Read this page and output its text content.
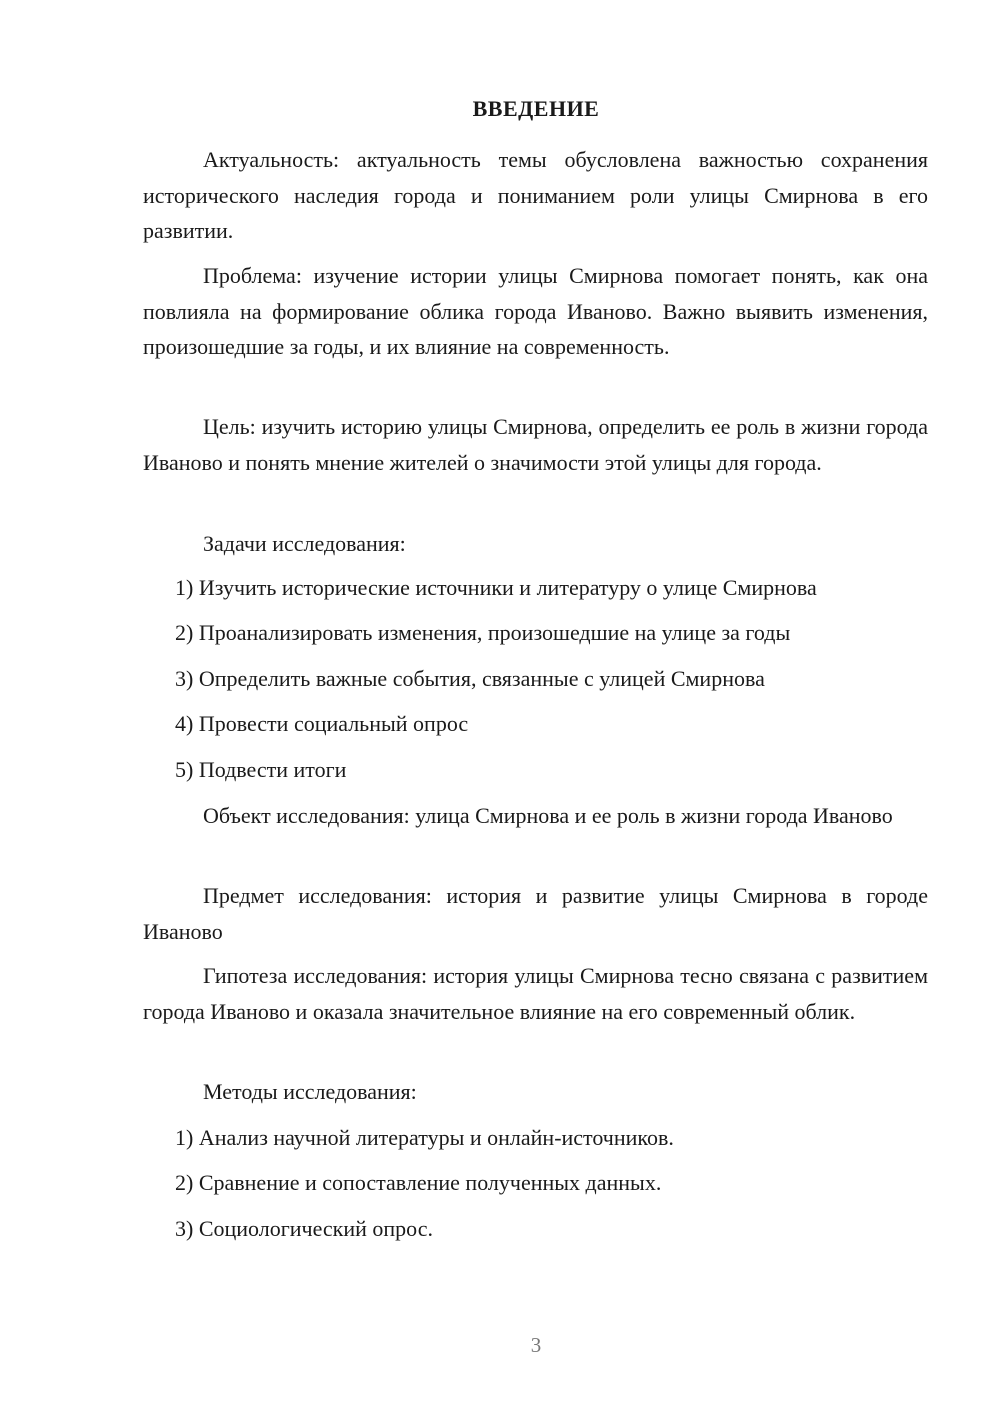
ВВЕДЕНИЕ

Актуальность: актуальность темы обусловлена важностью сохранения исторического наследия города и пониманием роли улицы Смирнова в его развитии.

Проблема: изучение истории улицы Смирнова помогает понять, как она повлияла на формирование облика города Иваново. Важно выявить изменения, произошедшие за годы, и их влияние на современность.

Цель: изучить историю улицы Смирнова, определить ее роль в жизни города Иваново и понять мнение жителей о значимости этой улицы для города.

Задачи исследования:
1) Изучить исторические источники и литературу о улице Смирнова
2) Проанализировать изменения, произошедшие на улице за годы
3) Определить важные события, связанные с улицей Смирнова
4) Провести социальный опрос
5) Подвести итоги

Объект исследования: улица Смирнова и ее роль в жизни города Иваново

Предмет исследования: история и развитие улицы Смирнова в городе Иваново

Гипотеза исследования: история улицы Смирнова тесно связана с развитием города Иваново и оказала значительное влияние на его современный облик.

Методы исследования:
1) Анализ научной литературы и онлайн-источников.
2) Сравнение и сопоставление полученных данных.
3) Социологический опрос.
3
